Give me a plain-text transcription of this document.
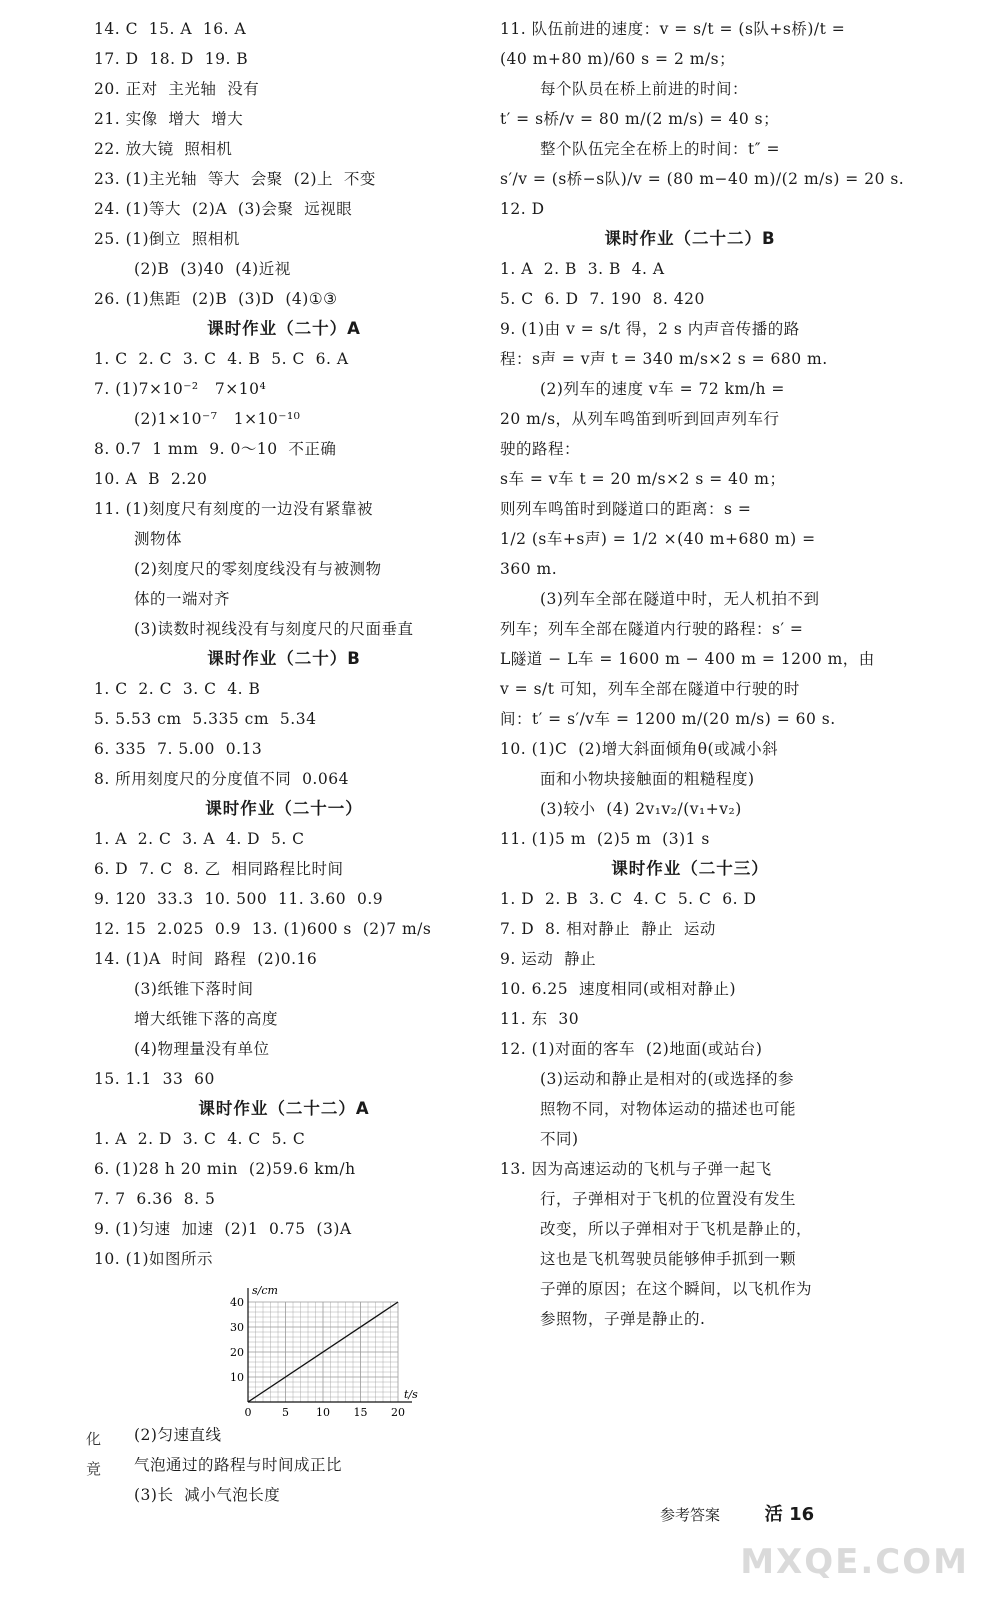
14. C  15. A  16. A
17. D  18. D  19. B
20. 正对  主光轴  没有
21. 实像  增大  增大
22. 放大镜  照相机
23. (1)主光轴  等大  会聚  (2)上  不变
24. (1)等大  (2)A  (3)会聚  远视眼
25. (1)倒立  照相机
(2)B  (3)40  (4)近视
26. (1)焦距  (2)B  (3)D  (4)①③
课时作业（二十）A
1. C  2. C  3. C  4. B  5. C  6. A
7. (1)7×10⁻²   7×10⁴
(2)1×10⁻⁷   1×10⁻¹⁰
8. 0.7  1 mm  9. 0～10  不正确
10. A  B  2.20
11. (1)刻度尺有刻度的一边没有紧靠被
测物体
(2)刻度尺的零刻度线没有与被测物
体的一端对齐
(3)读数时视线没有与刻度尺的尺面垂直
课时作业（二十）B
1. C  2. C  3. C  4. B
5. 5.53 cm  5.335 cm  5.34
6. 335  7. 5.00  0.13
8. 所用刻度尺的分度值不同  0.064
课时作业（二十一）
1. A  2. C  3. A  4. D  5. C
6. D  7. C  8. 乙  相同路程比时间
9. 120  33.3  10. 500  11. 3.60  0.9
12. 15  2.025  0.9  13. (1)600 s  (2)7 m/s
14. (1)A  时间  路程  (2)0.16
(3)纸锥下落时间
增大纸锥下落的高度
(4)物理量没有单位
15. 1.1  33  60
课时作业（二十二）A
1. A  2. D  3. C  4. C  5. C
6. (1)28 h 20 min  (2)59.6 km/h
7. 7  6.36  8. 5
9. (1)匀速  加速  (2)1  0.75  (3)A
10. (1)如图所示
11. 队伍前进的速度：v = s/t = (s队+s桥)/t =
(40 m+80 m)/60 s = 2 m/s；
每个队员在桥上前进的时间：
t′ = s桥/v = 80 m/(2 m/s) = 40 s；
整个队伍完全在桥上的时间：t″ =
s′/v = (s桥−s队)/v = (80 m−40 m)/(2 m/s) = 20 s.
12. D
课时作业（二十二）B
1. A  2. B  3. B  4. A
5. C  6. D  7. 190  8. 420
9. (1)由 v = s/t 得，2 s 内声音传播的路
程：s声 = v声 t = 340 m/s×2 s = 680 m.
(2)列车的速度 v车 = 72 km/h =
20 m/s，从列车鸣笛到听到回声列车行
驶的路程：
s车 = v车 t = 20 m/s×2 s = 40 m；
则列车鸣笛时到隧道口的距离：s =
1/2 (s车+s声) = 1/2 ×(40 m+680 m) =
360 m.
(3)列车全部在隧道中时，无人机拍不到
列车；列车全部在隧道内行驶的路程：s′ =
L隧道 − L车 = 1600 m − 400 m = 1200 m，由
v = s/t 可知，列车全部在隧道中行驶的时
间：t′ = s′/v车 = 1200 m/(20 m/s) = 60 s.
10. (1)C  (2)增大斜面倾角θ(或减小斜
面和小物块接触面的粗糙程度)
(3)较小  (4) 2v₁v₂/(v₁+v₂)
11. (1)5 m  (2)5 m  (3)1 s
课时作业（二十三）
1. D  2. B  3. C  4. C  5. C  6. D
7. D  8. 相对静止  静止  运动
9. 运动  静止
10. 6.25  速度相同(或相对静止)
11. 东  30
12. (1)对面的客车  (2)地面(或站台)
(3)运动和静止是相对的(或选择的参
照物不同，对物体运动的描述也可能
不同)
13. 因为高速运动的飞机与子弹一起飞
行，子弹相对于飞机的位置没有发生
改变，所以子弹相对于飞机是静止的，
这也是飞机驾驶员能够伸手抓到一颗
子弹的原因；在这个瞬间，以飞机作为
参照物，子弹是静止的.
0	5 10 15 20
10
20
30
40
s/cm
t/s
(2)匀速直线
气泡通过的路程与时间成正比
(3)长  减小气泡长度
化
竟
参考答案 活 16
MXQE.COM
